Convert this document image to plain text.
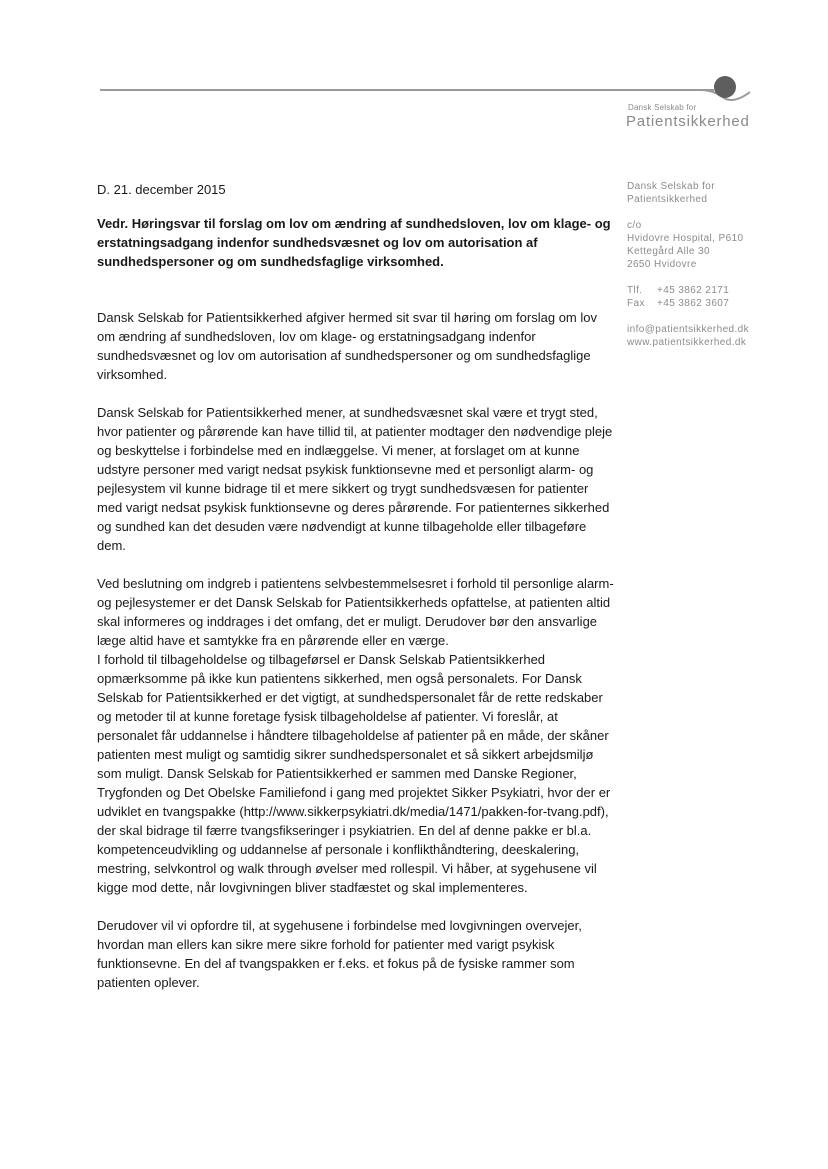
Dansk Selskab for
Patientsikkerhed
Dansk Selskab for
Patientsikkerhed
c/o
Hvidovre Hospital, P610
Kettegård Alle 30
2650 Hvidovre
Tlf.	+45 3862 2171
Fax	+45 3862 3607
info@patientsikkerhed.dk
www.patientsikkerhed.dk

D. 21. december 2015

Vedr. Høringsvar til forslag om lov om ændring af sundhedsloven, lov om klage- og erstatningsadgang indenfor sundhedsvæsnet og lov om autorisation af sundhedspersoner og om sundhedsfaglige virksomhed.

Dansk Selskab for Patientsikkerhed afgiver hermed sit svar til høring om forslag om lov om ændring af sundhedsloven, lov om klage- og erstatningsadgang indenfor sundhedsvæsnet og lov om autorisation af sundhedspersoner og om sundhedsfaglige virksomhed.

Dansk Selskab for Patientsikkerhed mener, at sundhedsvæsnet skal være et trygt sted, hvor patienter og pårørende kan have tillid til, at patienter modtager den nødvendige pleje og beskyttelse i forbindelse med en indlæggelse. Vi mener, at forslaget om at kunne udstyre personer med varigt nedsat psykisk funktionsevne med et personligt alarm- og pejlesystem vil kunne bidrage til et mere sikkert og trygt sundhedsvæsen for patienter med varigt nedsat psykisk funktionsevne og deres pårørende. For patienternes sikkerhed og sundhed kan det desuden være nødvendigt at kunne tilbageholde eller tilbageføre dem.

Ved beslutning om indgreb i patientens selvbestemmelsesret i forhold til personlige alarm- og pejlesystemer er det Dansk Selskab for Patientsikkerheds opfattelse, at patienten altid skal informeres og inddrages i det omfang, det er muligt. Derudover bør den ansvarlige læge altid have et samtykke fra en pårørende eller en værge.

I forhold til tilbageholdelse og tilbageførsel er Dansk Selskab Patientsikkerhed opmærksomme på ikke kun patientens sikkerhed, men også personalets. For Dansk Selskab for Patientsikkerhed er det vigtigt, at sundhedspersonalet får de rette redskaber og metoder til at kunne foretage fysisk tilbageholdelse af patienter. Vi foreslår, at personalet får uddannelse i håndtere tilbageholdelse af patienter på en måde, der skåner patienten mest muligt og samtidig sikrer sundhedspersonalet et så sikkert arbejdsmiljø som muligt. Dansk Selskab for Patientsikkerhed er sammen med Danske Regioner, Trygfonden og Det Obelske Familiefond i gang med projektet Sikker Psykiatri, hvor der er udviklet en tvangspakke (http://www.sikkerpsykiatri.dk/media/1471/pakken-for-tvang.pdf), der skal bidrage til færre tvangsfikseringer i psykiatrien. En del af denne pakke er bl.a. kompetenceudvikling og uddannelse af personale i konflikthåndtering, deeskalering, mestring, selvkontrol og walk through øvelser med rollespil. Vi håber, at sygehusene vil kigge mod dette, når lovgivningen bliver stadfæstet og skal implementeres.

Derudover vil vi opfordre til, at sygehusene i forbindelse med lovgivningen overvejer, hvordan man ellers kan sikre mere sikre forhold for patienter med varigt psykisk funktionsevne. En del af tvangspakken er f.eks. et fokus på de fysiske rammer som patienten oplever.
